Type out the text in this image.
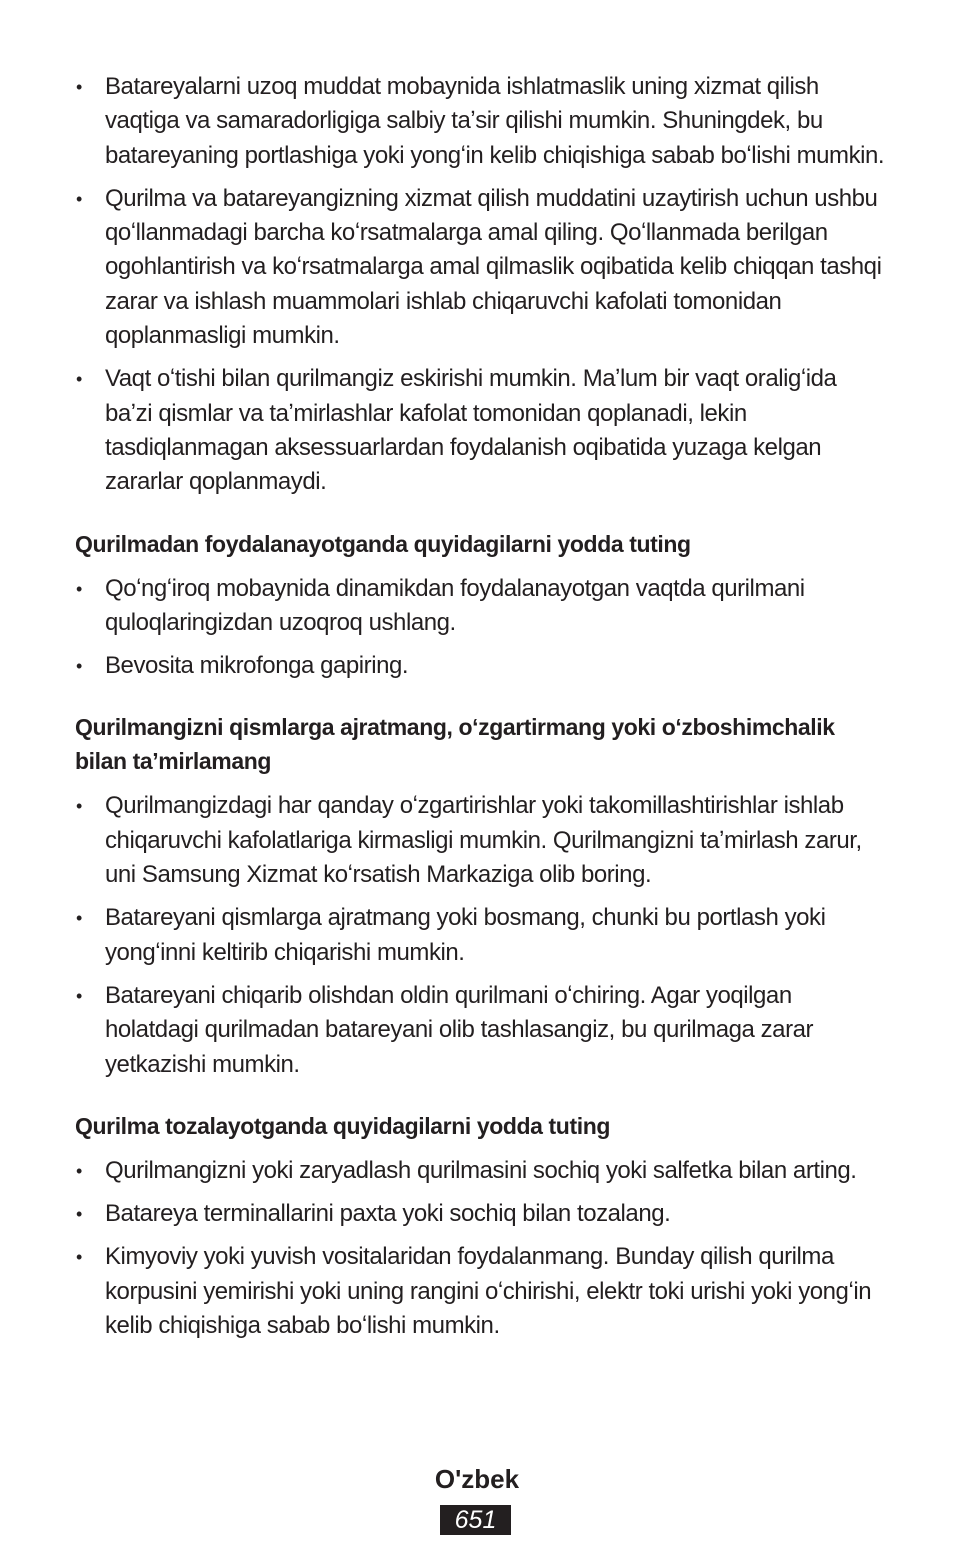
• Batareyalarni uzoq muddat mobaynida ishlatmaslik uning xizmat qilish vaqtiga va samaradorligiga salbiy taʼsir qilishi mumkin. Shuningdek, bu batareyaning portlashiga yoki yongʻin kelib chiqishiga sabab boʻlishi mumkin.
• Qurilma va batareyangizning xizmat qilish muddatini uzaytirish uchun ushbu qoʻllanmadagi barcha koʻrsatmalarga amal qiling. Qoʻllanmada berilgan ogohlantirish va koʻrsatmalarga amal qilmaslik oqibatida kelib chiqqan tashqi zarar va ishlash muammolari ishlab chiqaruvchi kafolati tomonidan qoplanmasligi mumkin.
• Vaqt oʻtishi bilan qurilmangiz eskirishi mumkin. Maʼlum bir vaqt oraligʻida baʼzi qismlar va taʼmirlashlar kafolat tomonidan qoplanadi, lekin tasdiqlanmagan aksessuarlardan foydalanish oqibatida yuzaga kelgan zararlar qoplanmaydi.
Qurilmadan foydalanayotganda quyidagilarni yodda tuting
• Qoʻngʻiroq mobaynida dinamikdan foydalanayotgan vaqtda qurilmani quloqlaringizdan uzoqroq ushlang.
• Bevosita mikrofonga gapiring.
Qurilmangizni qismlarga ajratmang, oʻzgartirmang yoki oʻzboshimchalik bilan taʼmirlamang
• Qurilmangizdagi har qanday oʻzgartirishlar yoki takomillashtirishlar ishlab chiqaruvchi kafolatlariga kirmasligi mumkin. Qurilmangizni taʼmirlash zarur, uni Samsung Xizmat koʻrsatish Markaziga olib boring.
• Batareyani qismlarga ajratmang yoki bosmang, chunki bu portlash yoki yongʻinni keltirib chiqarishi mumkin.
• Batareyani chiqarib olishdan oldin qurilmani oʻchiring. Agar yoqilgan holatdagi qurilmadan batareyani olib tashlasangiz, bu qurilmaga zarar yetkazishi mumkin.
Qurilma tozalayotganda quyidagilarni yodda tuting
• Qurilmangizni yoki zaryadlash qurilmasini sochiq yoki salfetka bilan arting.
• Batareya terminallarini paxta yoki sochiq bilan tozalang.
• Kimyoviy yoki yuvish vositalaridan foydalanmang. Bunday qilish qurilma korpusini yemirishi yoki uning rangini oʻchirishi, elektr toki urishi yoki yongʻin kelib chiqishiga sabab boʻlishi mumkin.
O'zbek
651
